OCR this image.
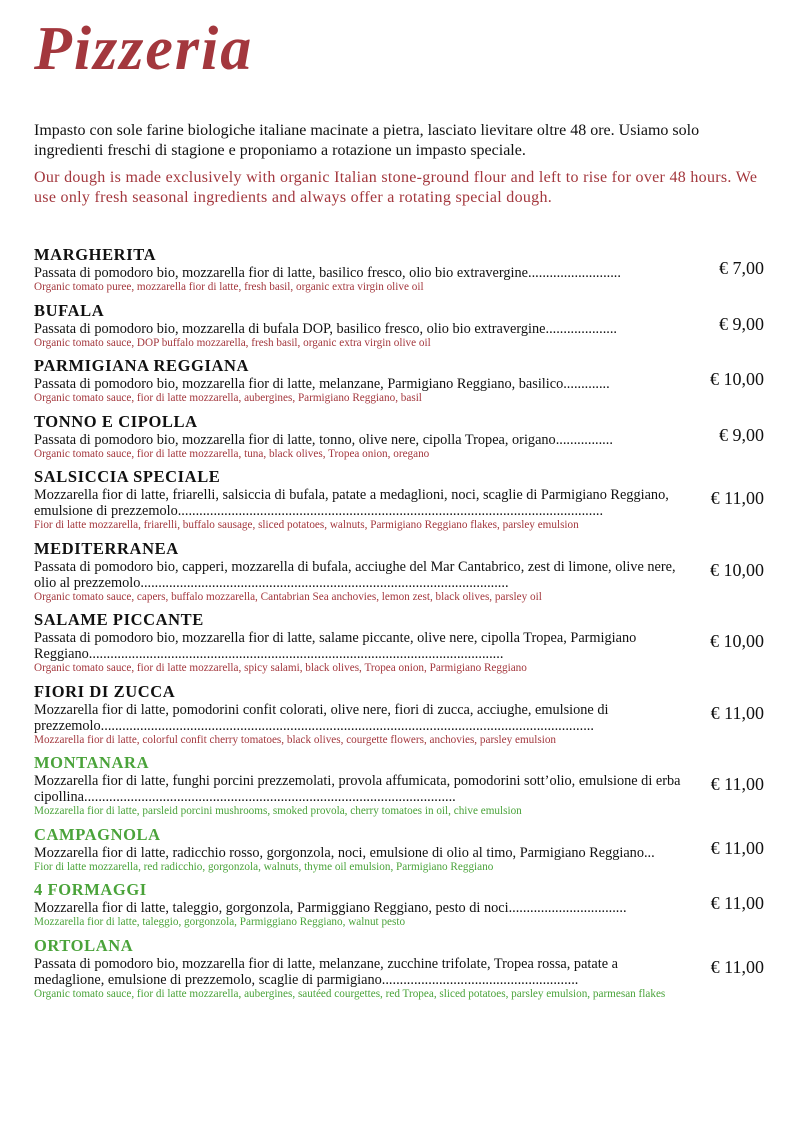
Pizzeria

Impasto con sole farine biologiche italiane macinate a pietra, lasciato lievitare oltre 48 ore. Usiamo solo ingredienti freschi di stagione e proponiamo a rotazione un impasto speciale.

Our dough is made exclusively with organic Italian stone-ground flour and left to rise for over 48 hours. We use only fresh seasonal ingredients and always offer a rotating special dough.

MARGHERITA
Passata di pomodoro bio, mozzarella fior di latte, basilico fresco, olio bio extravergine..........................
Organic tomato puree, mozzarella fior di latte, fresh basil, organic extra virgin olive oil
€ 7,00
BUFALA
Passata di pomodoro bio, mozzarella di bufala DOP, basilico fresco, olio bio extravergine....................
Organic tomato sauce, DOP buffalo mozzarella, fresh basil, organic extra virgin olive oil
€ 9,00
PARMIGIANA REGGIANA
Passata di pomodoro bio, mozzarella fior di latte, melanzane, Parmigiano Reggiano, basilico.............
Organic tomato sauce, fior di latte mozzarella, aubergines, Parmigiano Reggiano, basil
€ 10,00
TONNO E CIPOLLA
Passata di pomodoro bio, mozzarella fior di latte, tonno, olive nere, cipolla Tropea, origano................
Organic tomato sauce, fior di latte mozzarella, tuna, black olives, Tropea onion, oregano
€ 9,00
SALSICCIA SPECIALE
Mozzarella fior di latte, friarelli, salsiccia di bufala, patate a medaglioni, noci, scaglie di Parmigiano Reggiano, emulsione di prezzemolo.......................................................................................................................
Fior di latte mozzarella, friarelli, buffalo sausage, sliced potatoes, walnuts, Parmigiano Reggiano flakes, parsley emulsion
€ 11,00
MEDITERRANEA
Passata di pomodoro bio, capperi, mozzarella di bufala, acciughe del Mar Cantabrico, zest di limone, olive nere, olio al prezzemolo.......................................................................................................
Organic tomato sauce, capers, buffalo mozzarella, Cantabrian Sea anchovies, lemon zest, black olives, parsley oil
€ 10,00
SALAME PICCANTE
Passata di pomodoro bio, mozzarella fior di latte, salame piccante, olive nere, cipolla Tropea, Parmigiano Reggiano....................................................................................................................
Organic tomato sauce, fior di latte mozzarella, spicy salami, black olives, Tropea onion, Parmigiano Reggiano
€ 10,00
FIORI DI ZUCCA
Mozzarella fior di latte, pomodorini confit colorati, olive nere, fiori di zucca, acciughe, emulsione di prezzemolo..........................................................................................................................................
Mozzarella fior di latte, colorful confit cherry tomatoes, black olives, courgette flowers, anchovies, parsley emulsion
€ 11,00
MONTANARA
Mozzarella fior di latte, funghi porcini prezzemolati, provola affumicata, pomodorini sott’olio, emulsione di erba cipollina........................................................................................................
Mozzarella fior di latte, parsleid porcini mushrooms, smoked provola, cherry tomatoes in oil, chive emulsion
€ 11,00
CAMPAGNOLA
Mozzarella fior di latte, radicchio rosso, gorgonzola, noci, emulsione di olio al timo, Parmigiano Reggiano...
Fior di latte mozzarella, red radicchio, gorgonzola, walnuts, thyme oil emulsion, Parmigiano Reggiano
€ 11,00
4 FORMAGGI
Mozzarella fior di latte, taleggio, gorgonzola, Parmiggiano Reggiano, pesto di noci.................................
Mozzarella fior di latte, taleggio, gorgonzola, Parmiggiano Reggiano, walnut pesto
€ 11,00
ORTOLANA
Passata di pomodoro bio, mozzarella fior di latte, melanzane, zucchine trifolate, Tropea rossa, patate a medaglione, emulsione di prezzemolo, scaglie di parmigiano.......................................................
Organic tomato sauce, fior di latte mozzarella, aubergines, sautéed courgettes, red Tropea, sliced potatoes, parsley emulsion, parmesan flakes
€ 11,00
